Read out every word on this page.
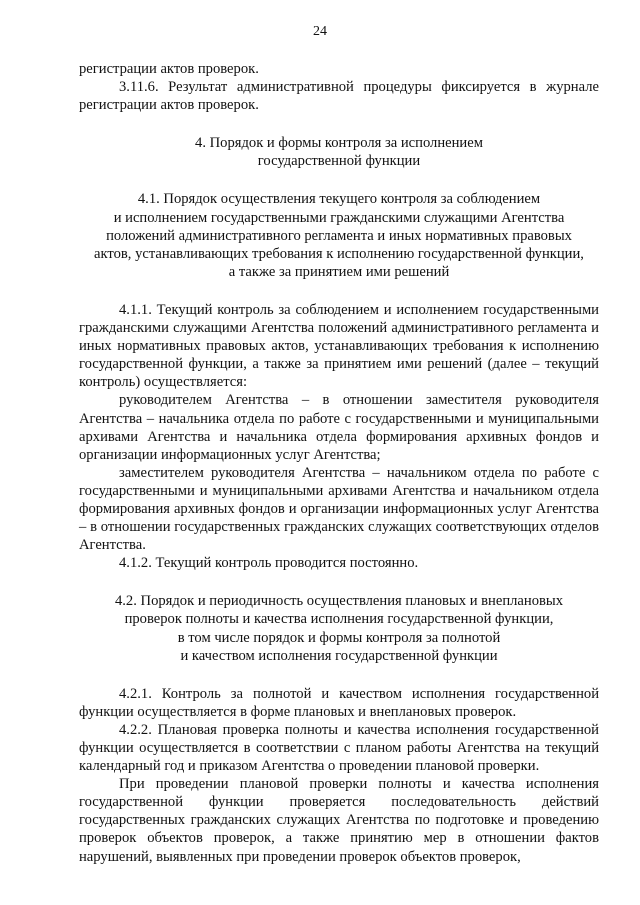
24

регистрации актов проверок.

3.11.6. Результат административной процедуры фиксируется в журнале регистрации актов проверок.

4. Порядок и формы контроля за исполнением

государственной функции

4.1. Порядок осуществления текущего контроля за соблюдением

и исполнением государственными гражданскими служащими Агентства

положений административного регламента и иных нормативных правовых

актов, устанавливающих требования к исполнению государственной функции,

а также за принятием ими решений

4.1.1. Текущий контроль за соблюдением и исполнением государственными гражданскими служащими Агентства положений административного регламента и иных нормативных правовых актов, устанавливающих требования к исполнению государственной функции, а также за принятием ими решений (далее – текущий контроль) осуществляется:

руководителем Агентства – в отношении заместителя руководителя Агентства – начальника отдела по работе с государственными и муниципальными архивами Агентства и начальника отдела формирования архивных фондов и организации информационных услуг Агентства;

заместителем руководителя Агентства – начальником отдела по работе с государственными и муниципальными архивами Агентства и начальником отдела формирования архивных фондов и организации информационных услуг Агентства – в отношении государственных гражданских служащих соответствующих отделов Агентства.

4.1.2. Текущий контроль проводится постоянно.

4.2. Порядок и периодичность осуществления плановых и внеплановых

проверок полноты и качества исполнения государственной функции,

в том числе порядок и формы контроля за полнотой

и качеством исполнения государственной функции

4.2.1. Контроль за полнотой и качеством исполнения государственной функции осуществляется в форме плановых и внеплановых проверок.

4.2.2. Плановая проверка полноты и качества исполнения государственной функции осуществляется в соответствии с планом работы Агентства на текущий календарный год и приказом Агентства о проведении плановой проверки.

При проведении плановой проверки полноты и качества исполнения государственной функции проверяется последовательность действий государственных гражданских служащих Агентства по подготовке и проведению проверок объектов проверок, а также принятию мер в отношении фактов нарушений, выявленных при проведении проверок объектов проверок,
